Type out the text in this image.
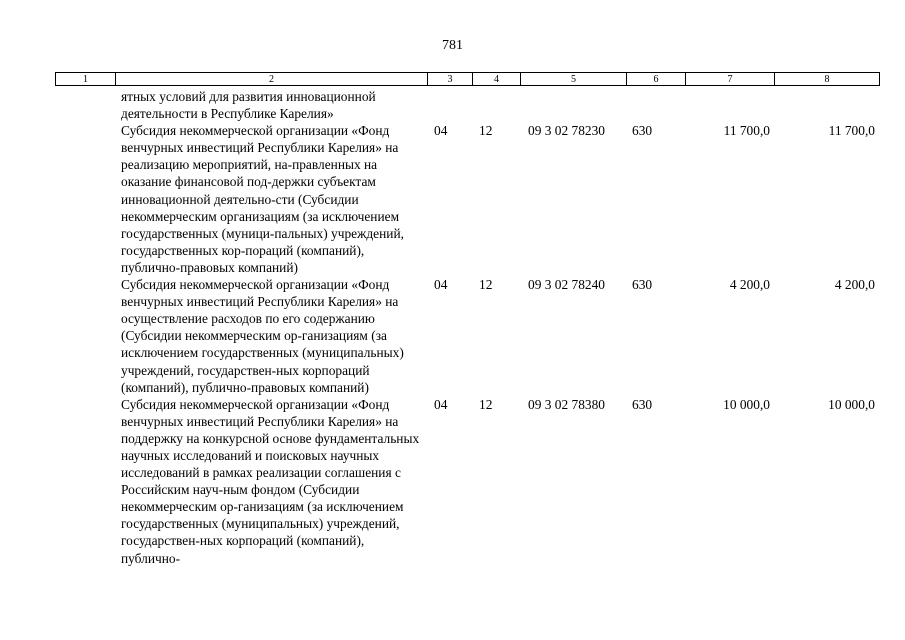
781
1	2	3	4	5	6	7	8
	ятных условий для развития инновационной деятельности в Республике Карелия»						
	Субсидия некоммерческой организации «Фонд венчурных инвестиций Республики Карелия» на реализацию мероприятий, на-правленных на оказание финансовой под-держки субъектам инновационной деятельно-сти (Субсидии некоммерческим организациям (за исключением государственных (муници-пальных) учреждений, государственных кор-пораций (компаний), публично-правовых компаний)	04	12	09 3 02 78230	630	11 700,0	11 700,0
	Субсидия некоммерческой организации «Фонд венчурных инвестиций Республики Карелия» на осуществление расходов по его содержанию (Субсидии некоммерческим ор-ганизациям (за исключением государственных (муниципальных) учреждений, государствен-ных корпораций (компаний), публично-правовых компаний)	04	12	09 3 02 78240	630	4 200,0	4 200,0
	Субсидия некоммерческой организации «Фонд венчурных инвестиций Республики Карелия» на поддержку на конкурсной основе фундаментальных научных исследований и поисковых научных исследований в рамках реализации соглашения с Российским науч-ным фондом (Субсидии некоммерческим ор-ганизациям (за исключением государственных (муниципальных) учреждений, государствен-ных корпораций (компаний), публично-	04	12	09 3 02 78380	630	10 000,0	10 000,0
